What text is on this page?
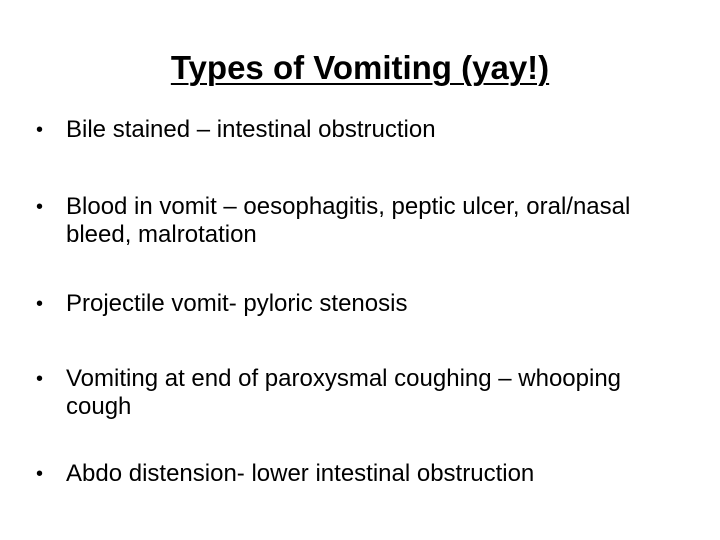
Types of Vomiting (yay!)
• Bile stained – intestinal obstruction
• Blood in vomit – oesophagitis, peptic ulcer, oral/nasal bleed, malrotation
• Projectile vomit- pyloric stenosis
• Vomiting at end of paroxysmal coughing – whooping cough
• Abdo distension- lower intestinal obstruction
